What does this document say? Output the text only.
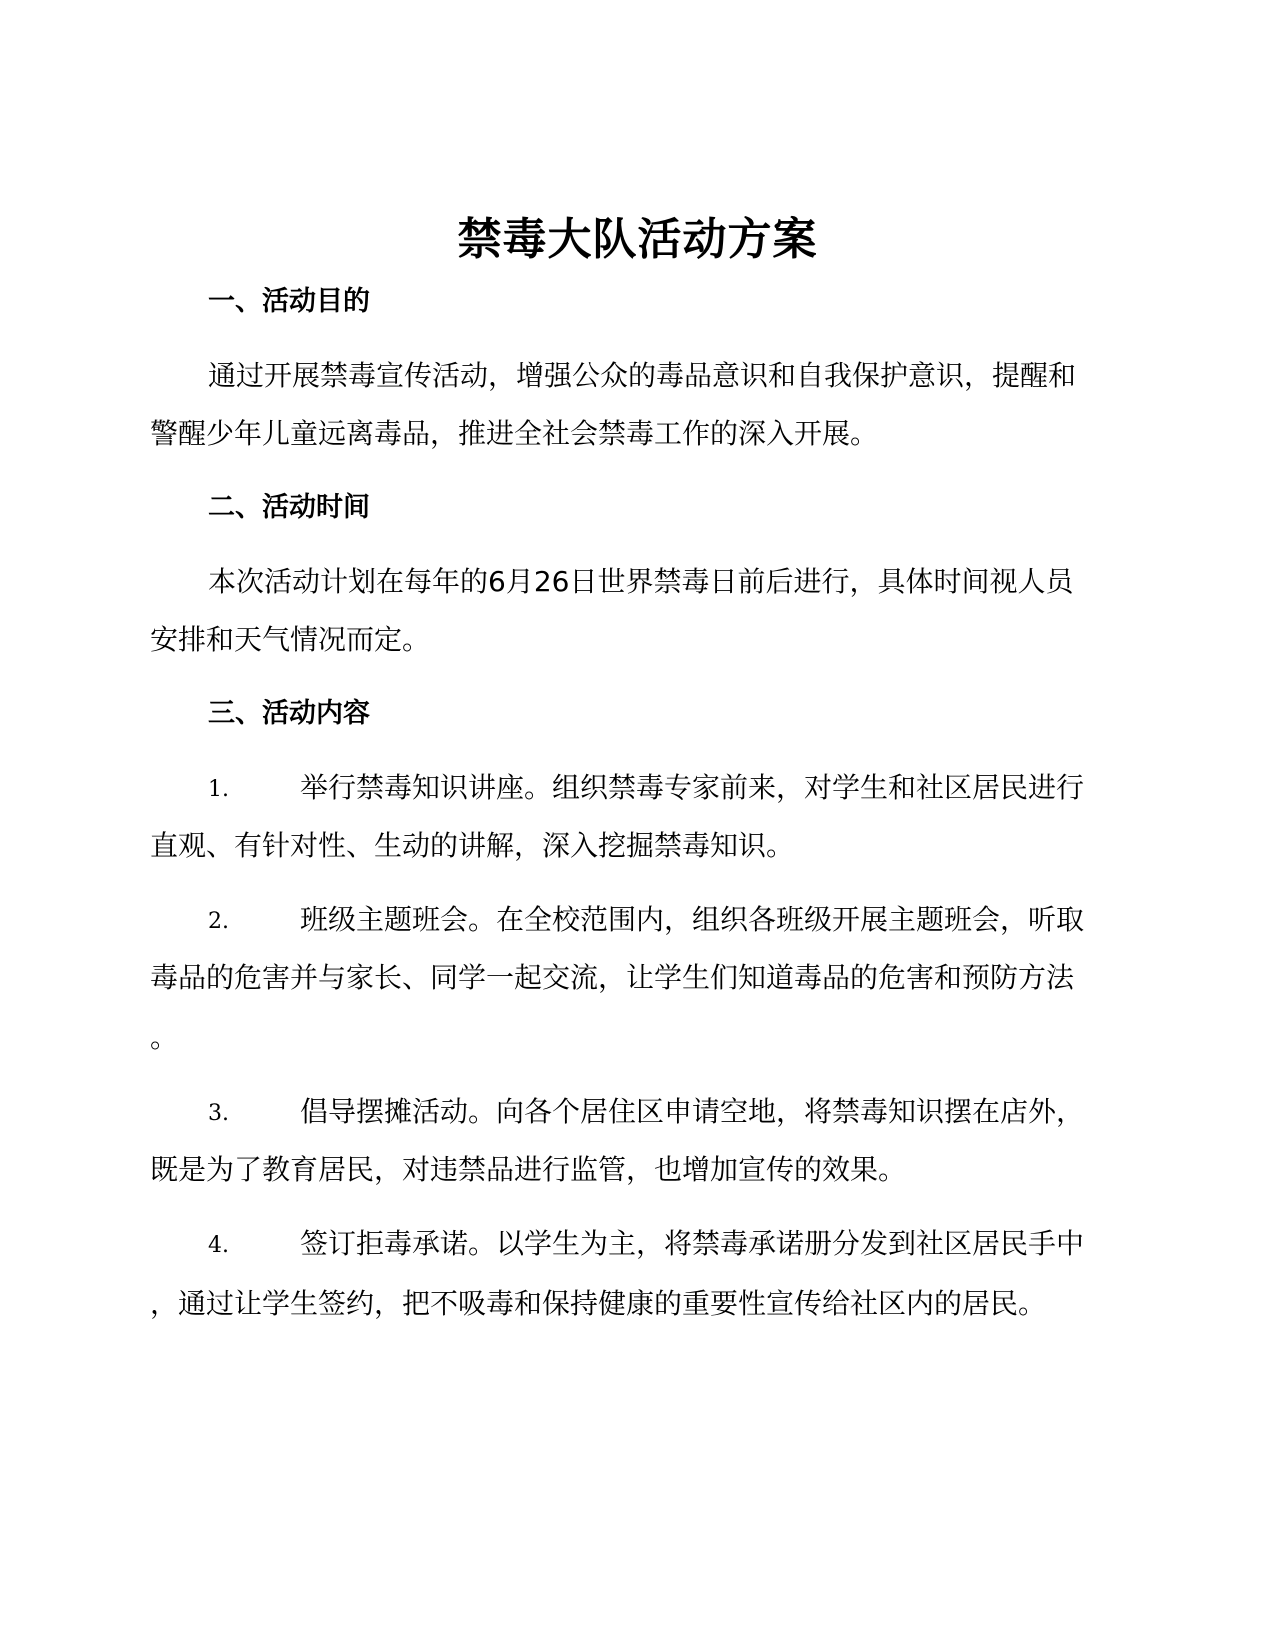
禁毒大队活动方案
一、活动目的
通过开展禁毒宣传活动，增强公众的毒品意识和自我保护意识，提醒和
警醒少年儿童远离毒品，推进全社会禁毒工作的深入开展。
二、活动时间
本次活动计划在每年的6月26日世界禁毒日前后进行，具体时间视人员
安排和天气情况而定。
三、活动内容
1.	举行禁毒知识讲座。组织禁毒专家前来，对学生和社区居民进行
直观、有针对性、生动的讲解，深入挖掘禁毒知识。
2.	班级主题班会。在全校范围内，组织各班级开展主题班会，听取
毒品的危害并与家长、同学一起交流，让学生们知道毒品的危害和预防方法
。
3.	倡导摆摊活动。向各个居住区申请空地，将禁毒知识摆在店外，
既是为了教育居民，对违禁品进行监管，也增加宣传的效果。
4.	签订拒毒承诺。以学生为主，将禁毒承诺册分发到社区居民手中
，通过让学生签约，把不吸毒和保持健康的重要性宣传给社区内的居民。
